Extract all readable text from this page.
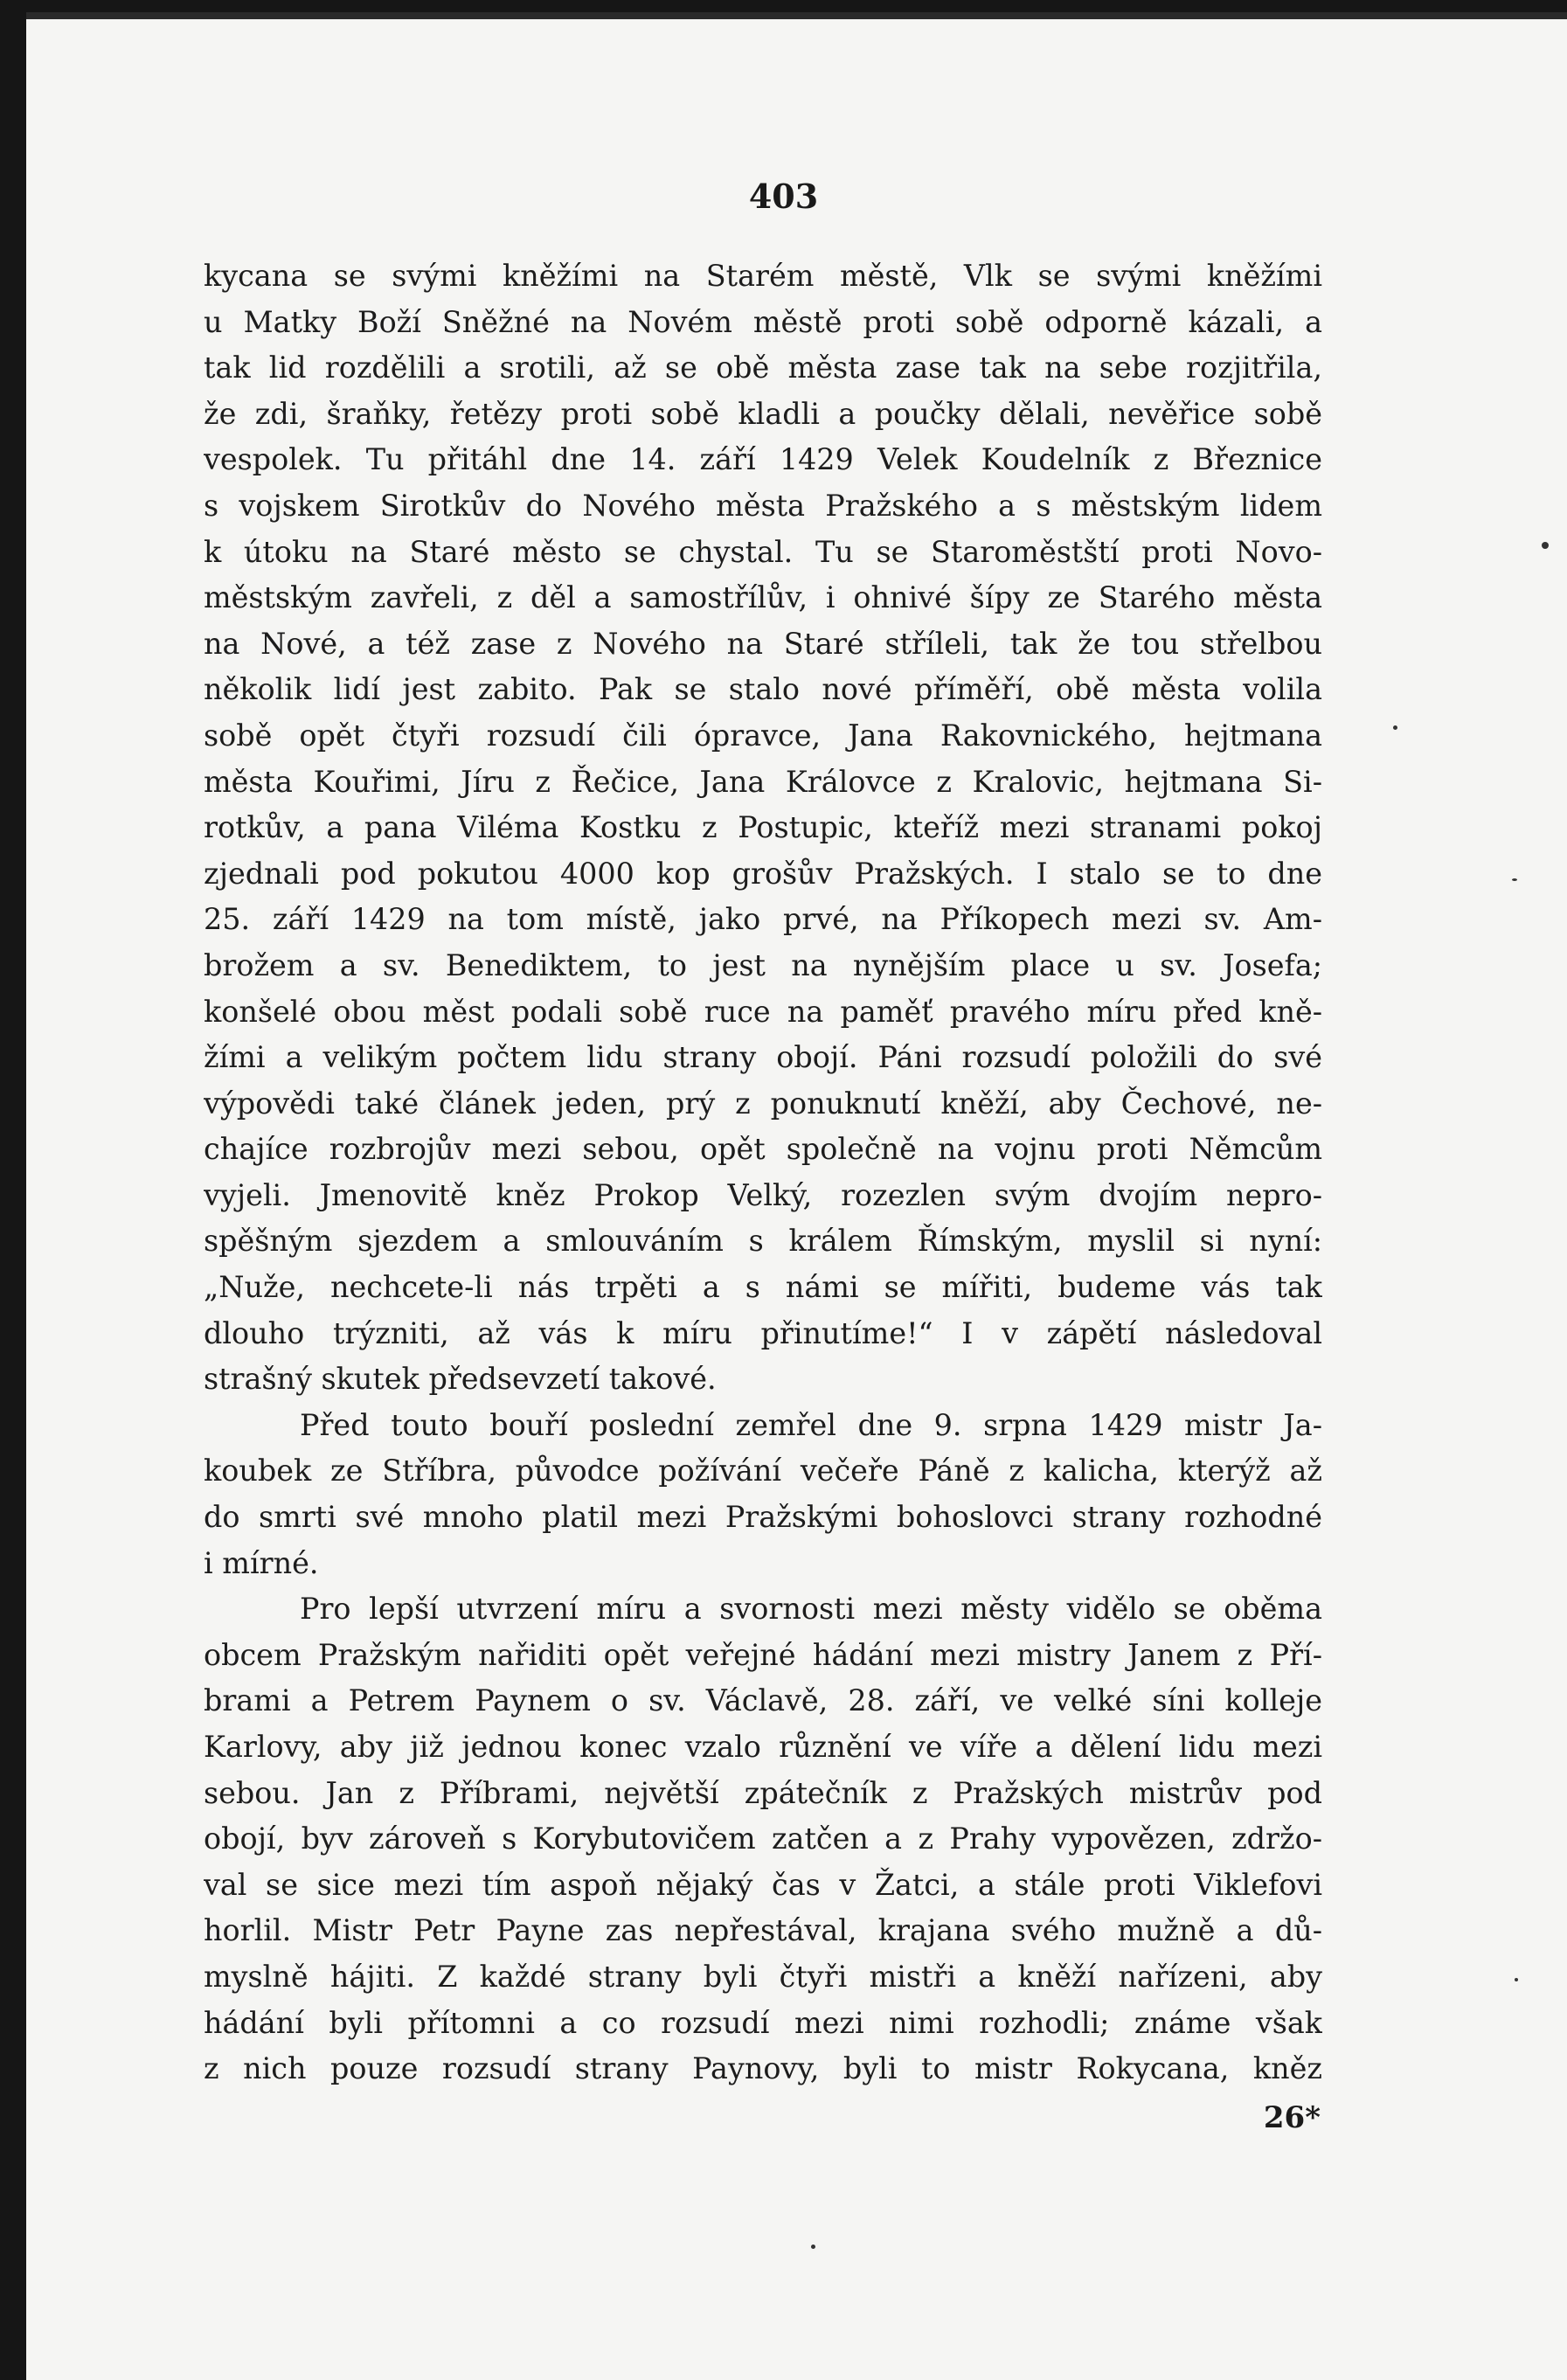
403
kycana se svými kněžími na Starém městě, Vlk se svými kněžími
u Matky Boží Sněžné na Novém městě proti sobě odporně kázali, a
tak lid rozdělili a srotili, až se obě města zase tak na sebe rozjitřila,
že zdi, šraňky, řetězy proti sobě kladli a poučky dělali, nevěřice sobě
vespolek. Tu přitáhl dne 14. září 1429 Velek Koudelník z Březnice
s vojskem Sirotkův do Nového města Pražského a s městským lidem
k útoku na Staré město se chystal. Tu se Staroměstští proti Novo-
městským zavřeli, z děl a samostřílův, i ohnivé šípy ze Starého města
na Nové, a též zase z Nového na Staré stříleli, tak že tou střelbou
několik lidí jest zabito. Pak se stalo nové příměří, obě města volila
sobě opět čtyři rozsudí čili ópravce, Jana Rakovnického, hejtmana
města Kouřimi, Jíru z Řečice, Jana Královce z Kralovic, hejtmana Si-
rotkův, a pana Viléma Kostku z Postupic, kteříž mezi stranami pokoj
zjednali pod pokutou 4000 kop grošův Pražských. I stalo se to dne
25. září 1429 na tom místě, jako prvé, na Příkopech mezi sv. Am-
brožem a sv. Benediktem, to jest na nynějším place u sv. Josefa;
konšelé obou měst podali sobě ruce na paměť pravého míru před kně-
žími a velikým počtem lidu strany obojí. Páni rozsudí položili do své
výpovědi také článek jeden, prý z ponuknutí kněží, aby Čechové, ne-
chajíce rozbrojův mezi sebou, opět společně na vojnu proti Němcům
vyjeli. Jmenovitě kněz Prokop Velký, rozezlen svým dvojím nepro-
spěšným sjezdem a smlouváním s králem Římským, myslil si nyní:
„Nuže, nechcete-li nás trpěti a s námi se mířiti, budeme vás tak
dlouho trýzniti, až vás k míru přinutíme!“ I v zápětí následoval
strašný skutek předsevzetí takové.
Před touto bouří poslední zemřel dne 9. srpna 1429 mistr Ja-
koubek ze Stříbra, původce požívání večeře Páně z kalicha, kterýž až
do smrti své mnoho platil mezi Pražskými bohoslovci strany rozhodné
i mírné.
Pro lepší utvrzení míru a svornosti mezi městy vidělo se oběma
obcem Pražským nařiditi opět veřejné hádání mezi mistry Janem z Pří-
brami a Petrem Paynem o sv. Václavě, 28. září, ve velké síni kolleje
Karlovy, aby již jednou konec vzalo různění ve víře a dělení lidu mezi
sebou. Jan z Příbrami, největší zpátečník z Pražských mistrův pod
obojí, byv zároveň s Korybutovičem zatčen a z Prahy vypovězen, zdržo-
val se sice mezi tím aspoň nějaký čas v Žatci, a stále proti Viklefovi
horlil. Mistr Petr Payne zas nepřestával, krajana svého mužně a dů-
myslně hájiti. Z každé strany byli čtyři mistři a kněží nařízeni, aby
hádání byli přítomni a co rozsudí mezi nimi rozhodli; známe však
z nich pouze rozsudí strany Paynovy, byli to mistr Rokycana, kněz
26*
